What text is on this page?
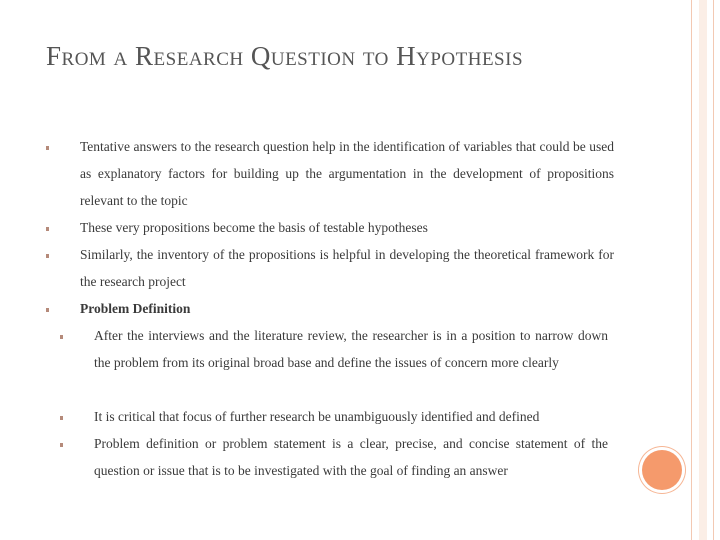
From a Research Question to Hypothesis
Tentative answers to the research question help in the identification of variables that could be used as explanatory factors for building up the argumentation in the development of propositions relevant to the topic
These very propositions become the basis of testable hypotheses
Similarly, the inventory of the propositions is helpful in developing the theoretical framework for the research project
Problem Definition
After the interviews and the literature review, the researcher is in a position to narrow down the problem from its original broad base and define the issues of concern more clearly
It is critical that focus of further research be unambiguously identified and defined
Problem definition or problem statement is a clear, precise, and concise statement of the question or issue that is to be investigated with the goal of finding an answer
